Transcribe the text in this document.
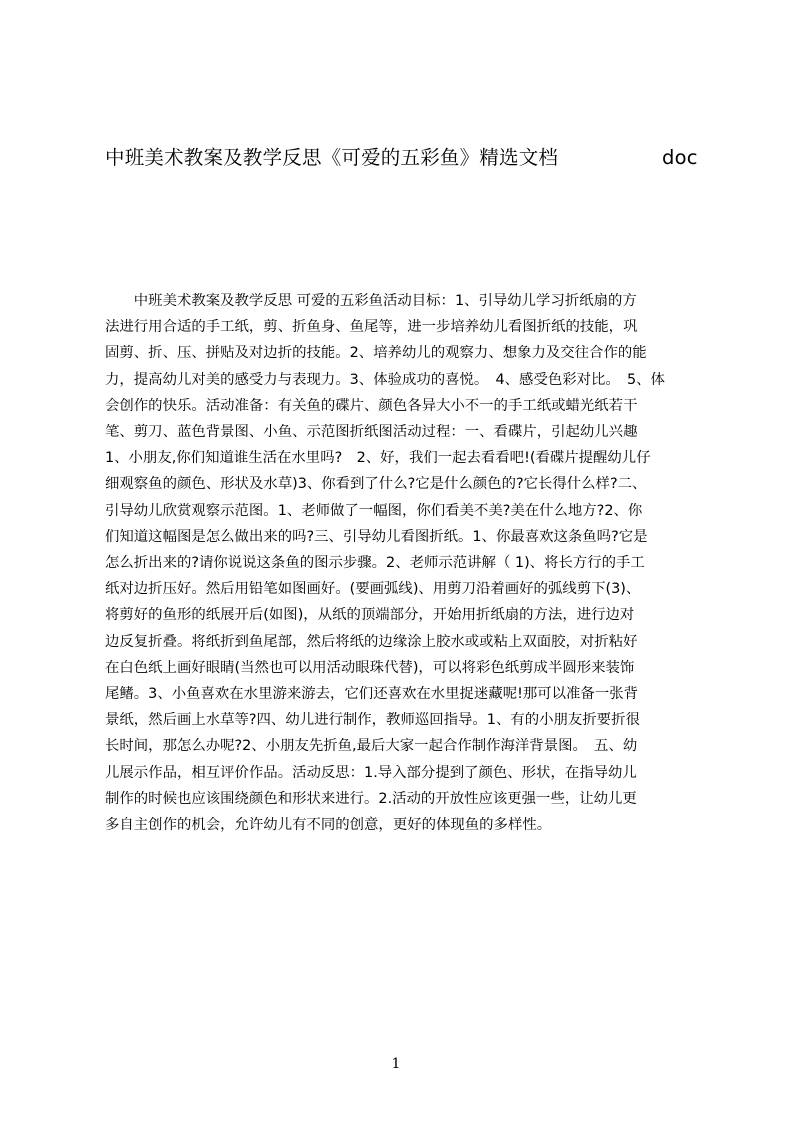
中班美术教案及教学反思《可爱的五彩鱼》精选文档	doc
　　中班美术教案及教学反思 可爱的五彩鱼活动目标：1、引导幼儿学习折纸扇的方
法进行用合适的手工纸，剪、折鱼身、鱼尾等，进一步培养幼儿看图折纸的技能，巩
固剪、折、压、拼贴及对边折的技能。2、培养幼儿的观察力、想象力及交往合作的能
力，提高幼儿对美的感受力与表现力。3、体验成功的喜悦。　4、感受色彩对比。　5、体
会创作的快乐。活动准备：有关鱼的碟片、颜色各异大小不一的手工纸或蜡光纸若干
笔、剪刀、蓝色背景图、小鱼、示范图折纸图活动过程：一、看碟片，引起幼儿兴趣
1、小朋友,你们知道谁生活在水里吗?　2、好，我们一起去看看吧!(看碟片提醒幼儿仔
细观察鱼的颜色、形状及水草)3、你看到了什么?它是什么颜色的?它长得什么样?二、
引导幼儿欣赏观察示范图。1、老师做了一幅图，你们看美不美?美在什么地方?2、你
们知道这幅图是怎么做出来的吗?三、引导幼儿看图折纸。1、你最喜欢这条鱼吗?它是
怎么折出来的?请你说说这条鱼的图示步骤。2、老师示范讲解（ 1)、将长方行的手工
纸对边折压好。然后用铅笔如图画好。(要画弧线)、用剪刀沿着画好的弧线剪下(3)、
将剪好的鱼形的纸展开后(如图)，从纸的顶端部分，开始用折纸扇的方法，进行边对
边反复折叠。将纸折到鱼尾部，然后将纸的边缘涂上胶水或或粘上双面胶，对折粘好
在白色纸上画好眼睛(当然也可以用活动眼珠代替)，可以将彩色纸剪成半圆形来装饰
尾鳍。3、小鱼喜欢在水里游来游去，它们还喜欢在水里捉迷藏呢!那可以准备一张背
景纸，然后画上水草等?四、幼儿进行制作，教师巡回指导。1、有的小朋友折要折很
长时间，那怎么办呢?2、小朋友先折鱼,最后大家一起合作制作海洋背景图。　五、幼
儿展示作品，相互评价作品。活动反思：1.导入部分提到了颜色、形状，在指导幼儿
制作的时候也应该围绕颜色和形状来进行。2.活动的开放性应该更强一些，让幼儿更
多自主创作的机会，允许幼儿有不同的创意，更好的体现鱼的多样性。
1
